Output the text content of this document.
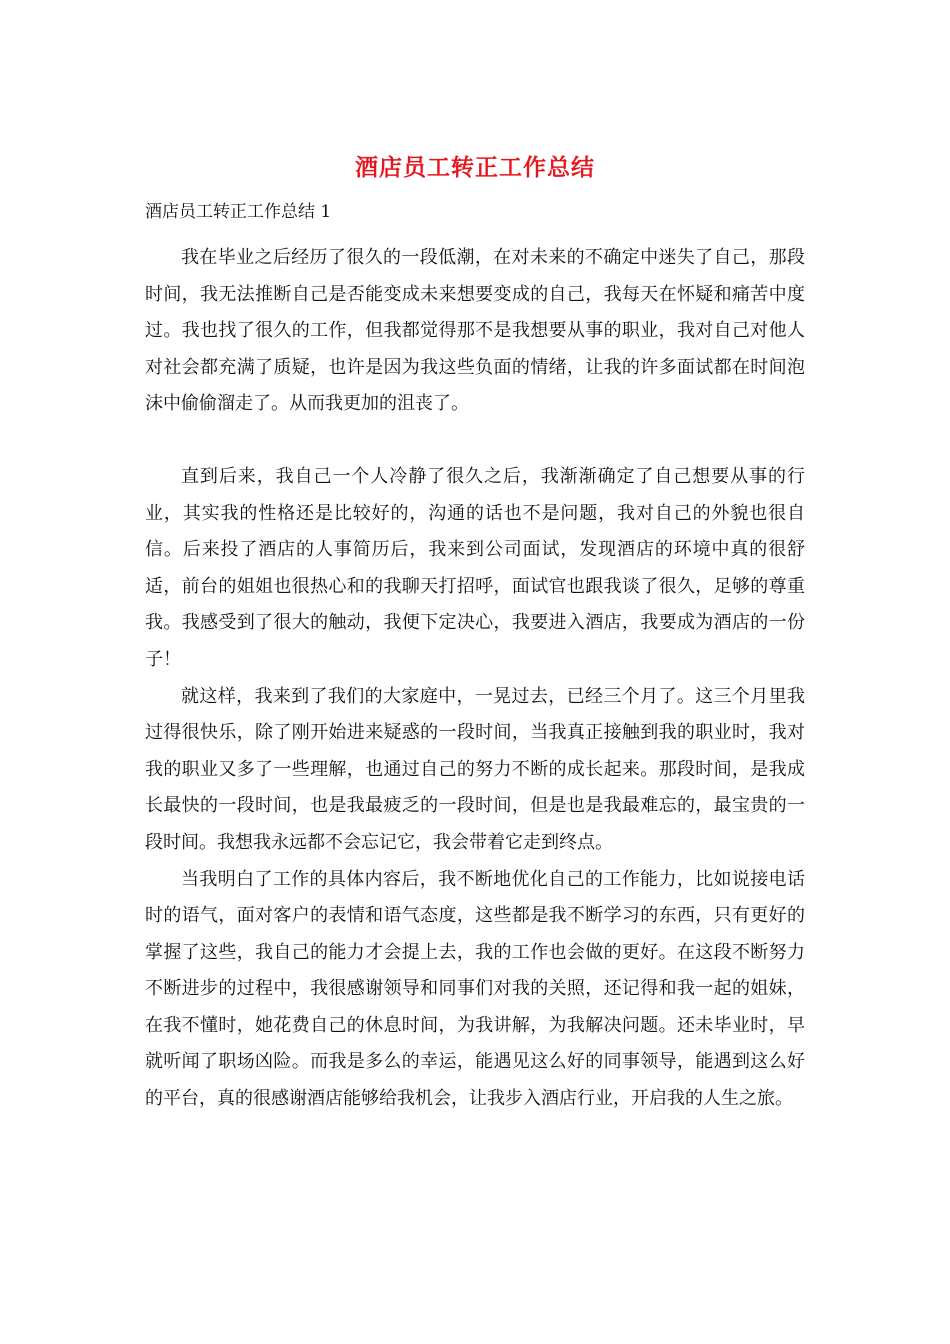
酒店员工转正工作总结
酒店员工转正工作总结 1

我在毕业之后经历了很久的一段低潮，在对未来的不确定中迷失了自己，那段时间，我无法推断自己是否能变成未来想要变成的自己，我每天在怀疑和痛苦中度过。我也找了很久的工作，但我都觉得那不是我想要从事的职业，我对自己对他人对社会都充满了质疑，也许是因为我这些负面的情绪，让我的许多面试都在时间泡沫中偷偷溜走了。从而我更加的沮丧了。

直到后来，我自己一个人冷静了很久之后，我渐渐确定了自己想要从事的行业，其实我的性格还是比较好的，沟通的话也不是问题，我对自己的外貌也很自信。后来投了酒店的人事简历后，我来到公司面试，发现酒店的环境中真的很舒适，前台的姐姐也很热心和的我聊天打招呼，面试官也跟我谈了很久，足够的尊重我。我感受到了很大的触动，我便下定决心，我要进入酒店，我要成为酒店的一份子！

就这样，我来到了我们的大家庭中，一晃过去，已经三个月了。这三个月里我过得很快乐，除了刚开始进来疑惑的一段时间，当我真正接触到我的职业时，我对我的职业又多了一些理解，也通过自己的努力不断的成长起来。那段时间，是我成长最快的一段时间，也是我最疲乏的一段时间，但是也是我最难忘的，最宝贵的一段时间。我想我永远都不会忘记它，我会带着它走到终点。

当我明白了工作的具体内容后，我不断地优化自己的工作能力，比如说接电话时的语气，面对客户的表情和语气态度，这些都是我不断学习的东西，只有更好的掌握了这些，我自己的能力才会提上去，我的工作也会做的更好。在这段不断努力不断进步的过程中，我很感谢领导和同事们对我的关照，还记得和我一起的姐妹，在我不懂时，她花费自己的休息时间，为我讲解，为我解决问题。还未毕业时，早就听闻了职场凶险。而我是多么的幸运，能遇见这么好的同事领导，能遇到这么好的平台，真的很感谢酒店能够给我机会，让我步入酒店行业，开启我的人生之旅。
